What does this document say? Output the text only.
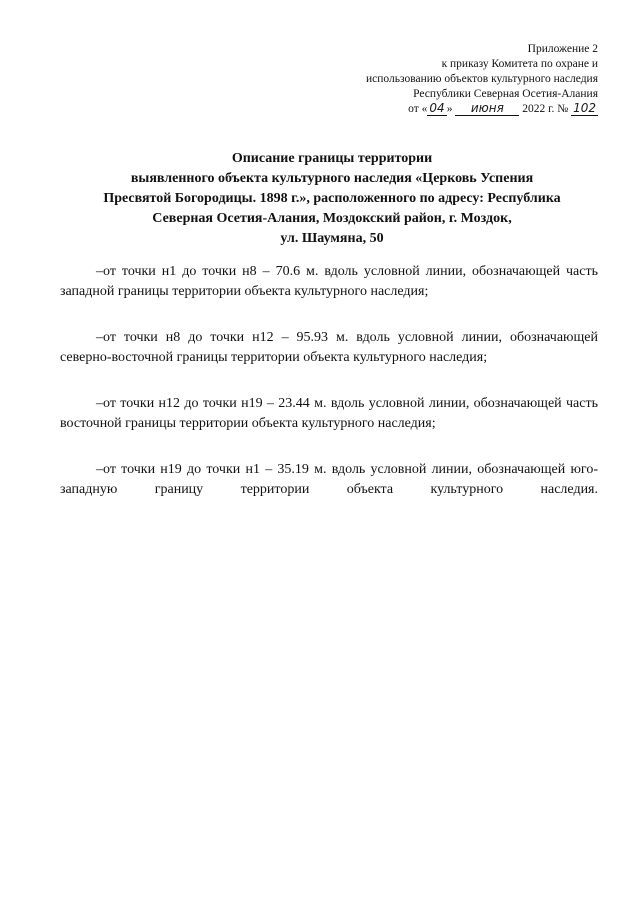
Приложение 2
к приказу Комитета по охране и
использованию объектов культурного наследия
Республики Северная Осетия-Алания
от « 04 » июня 2022 г. № 102
Описание границы территории
выявленного объекта культурного наследия «Церковь Успения
Пресвятой Богородицы. 1898 г.», расположенного по адресу: Республика
Северная Осетия-Алания, Моздокский район, г. Моздок,
ул. Шаумяна, 50

–от точки н1 до точки н8 – 70.6 м. вдоль условной линии, обозначающей часть западной границы территории объекта культурного наследия;

–от точки н8 до точки н12 – 95.93 м. вдоль условной линии, обозначающей северно-восточной границы территории объекта культурного наследия;

–от точки н12 до точки н19 – 23.44 м. вдоль условной линии, обозначающей часть восточной границы территории объекта культурного наследия;

–от точки н19 до точки н1 – 35.19 м. вдоль условной линии, обозначающей юго-западную границу территории объекта культурного наследия.
